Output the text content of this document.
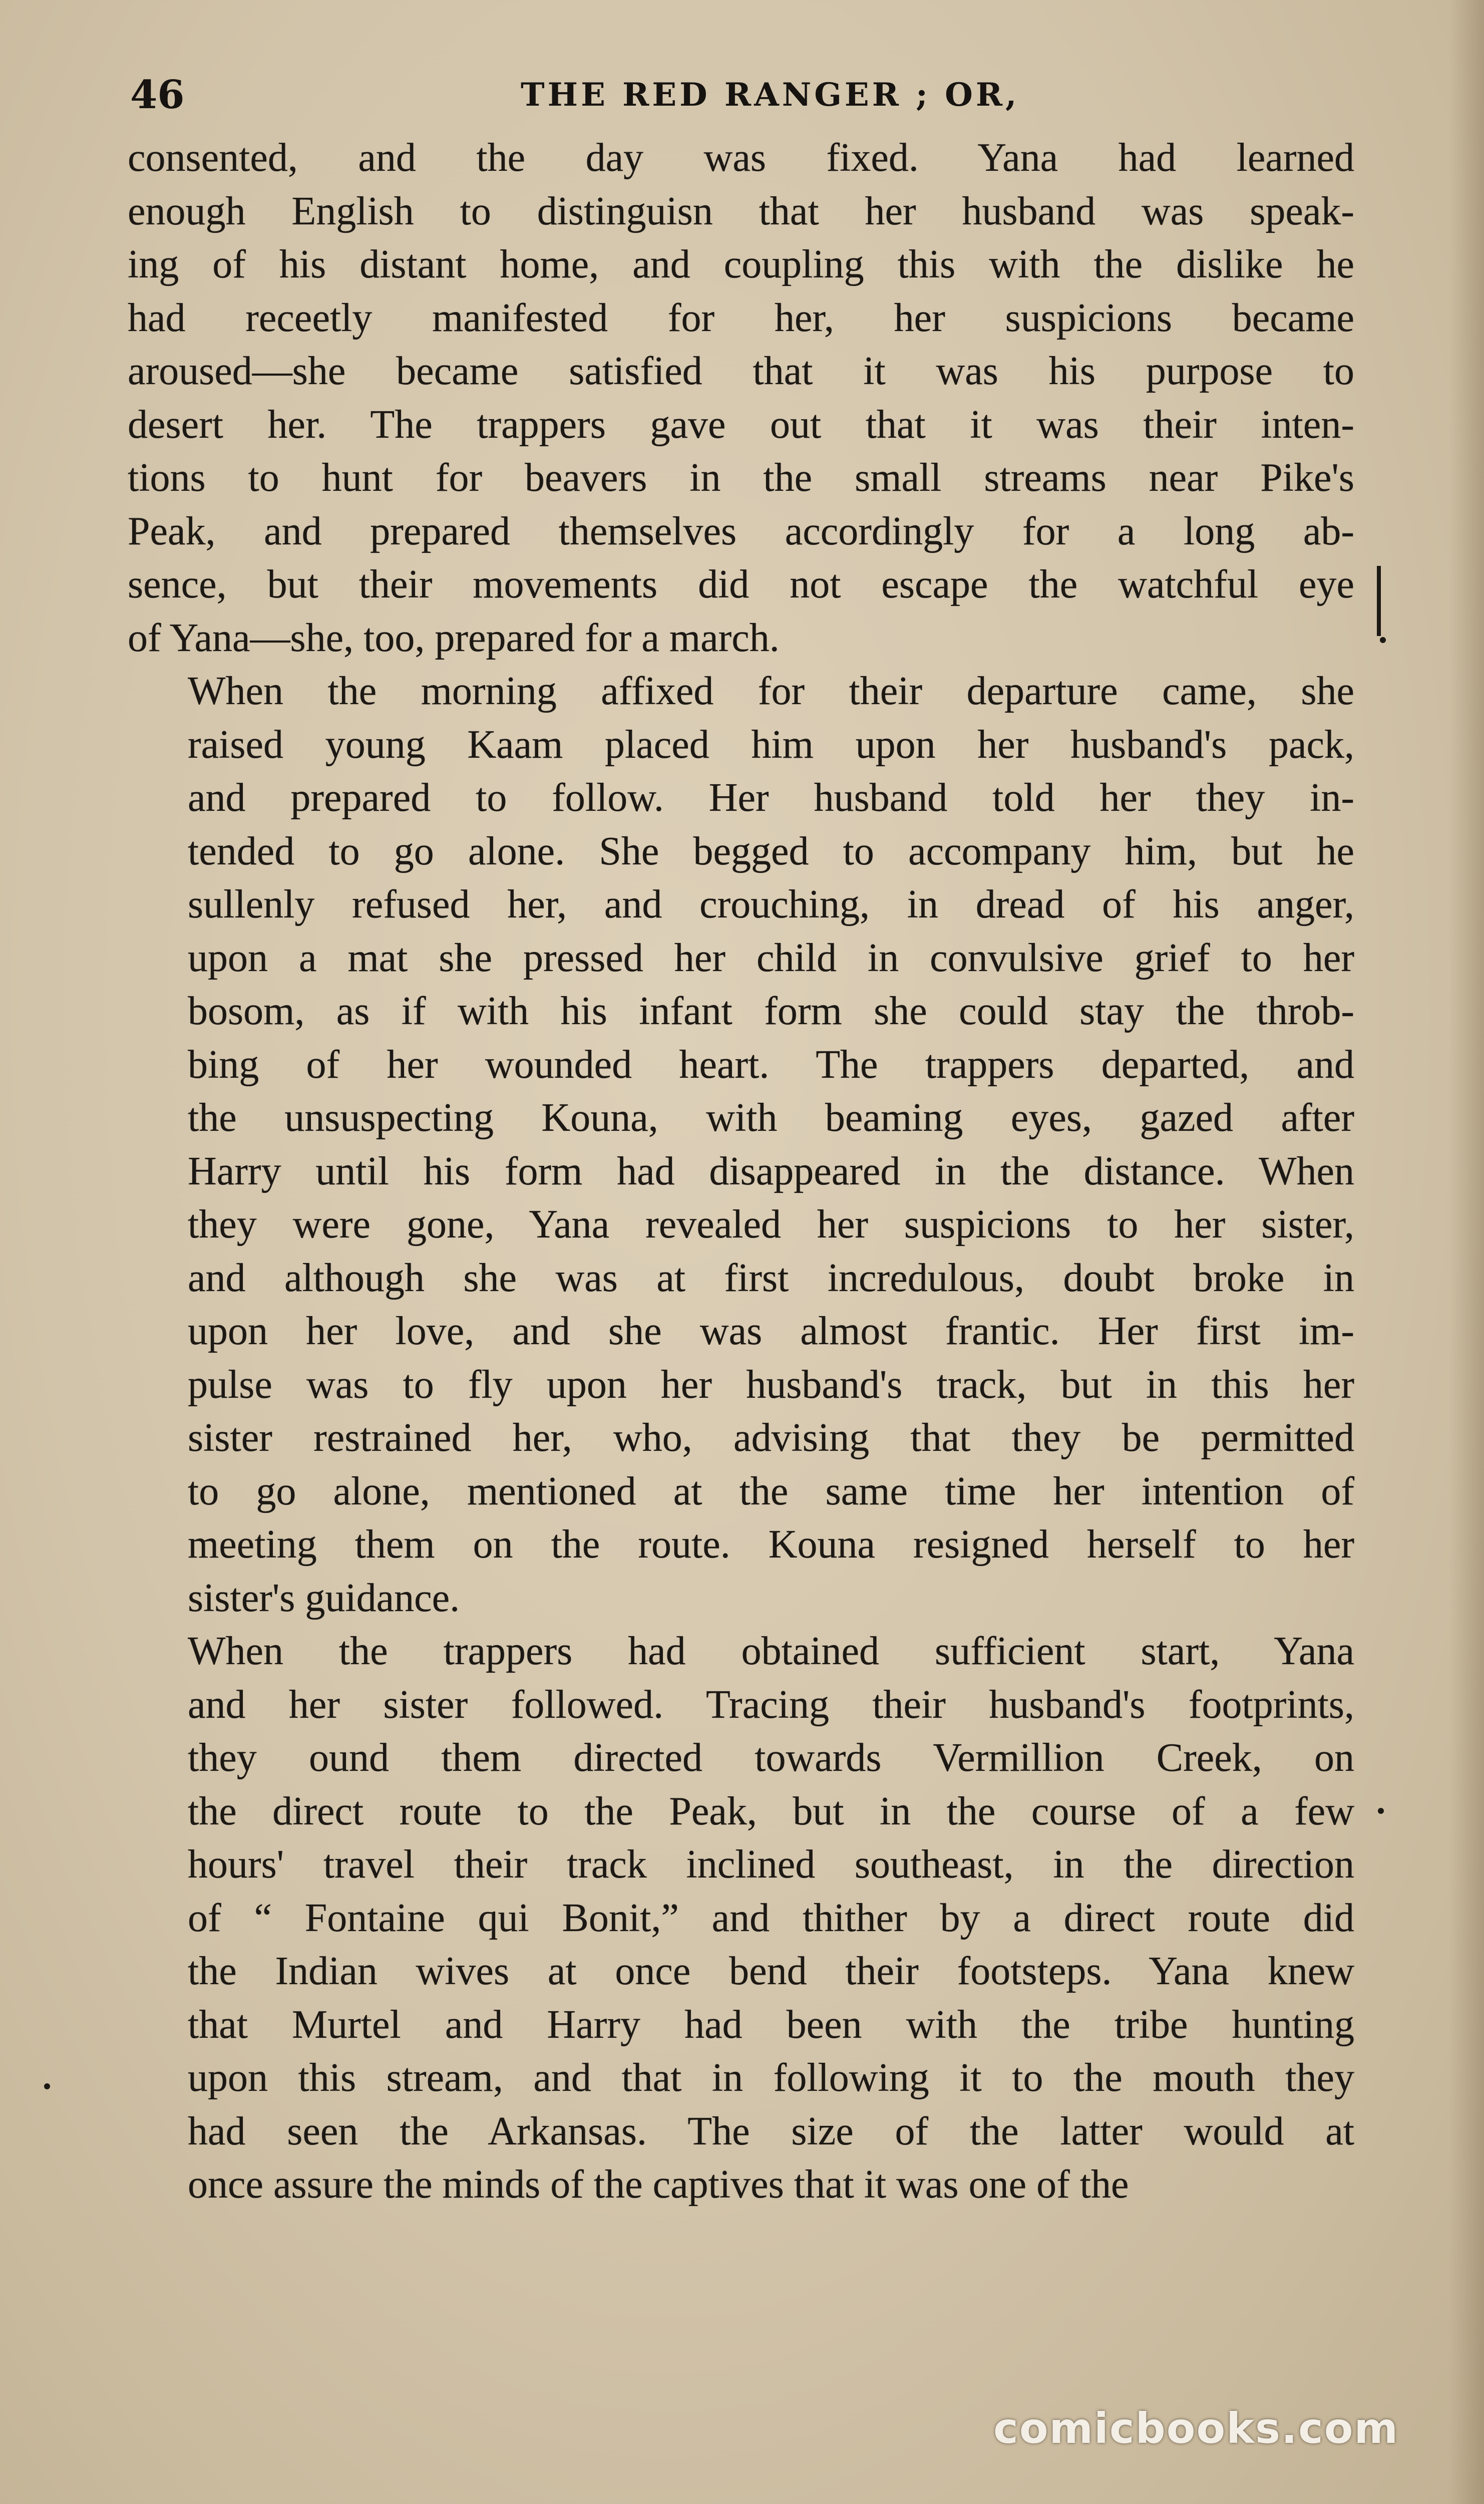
46	THE RED RANGER ; OR,

consented, and the day was fixed. Yana had learned
enough English to distinguisn that her husband was speak-
ing of his distant home, and coupling this with the dislike he
had receetly manifested for her, her suspicions became
aroused—she became satisfied that it was his purpose to
desert her. The trappers gave out that it was their inten-
tions to hunt for beavers in the small streams near Pike's
Peak, and prepared themselves accordingly for a long ab-
sence, but their movements did not escape the watchful eye
of Yana—she, too, prepared for a march.

When the morning affixed for their departure came, she
raised young Kaam placed him upon her husband's pack,
and prepared to follow. Her husband told her they in-
tended to go alone. She begged to accompany him, but he
sullenly refused her, and crouching, in dread of his anger,
upon a mat she pressed her child in convulsive grief to her
bosom, as if with his infant form she could stay the throb-
bing of her wounded heart. The trappers departed, and
the unsuspecting Kouna, with beaming eyes, gazed after
Harry until his form had disappeared in the distance. When
they were gone, Yana revealed her suspicions to her sister,
and although she was at first incredulous, doubt broke in
upon her love, and she was almost frantic. Her first im-
pulse was to fly upon her husband's track, but in this her
sister restrained her, who, advising that they be permitted
to go alone, mentioned at the same time her intention of
meeting them on the route. Kouna resigned herself to her
sister's guidance.

When the trappers had obtained sufficient start, Yana
and her sister followed. Tracing their husband's footprints,
they ound them directed towards Vermillion Creek, on
the direct route to the Peak, but in the course of a few
hours' travel their track inclined southeast, in the direction
of “ Fontaine qui Bonit,” and thither by a direct route did
the Indian wives at once bend their footsteps. Yana knew
that Murtel and Harry had been with the tribe hunting
upon this stream, and that in following it to the mouth they
had seen the Arkansas. The size of the latter would at
once assure the minds of the captives that it was one of the

comicbooks.com
